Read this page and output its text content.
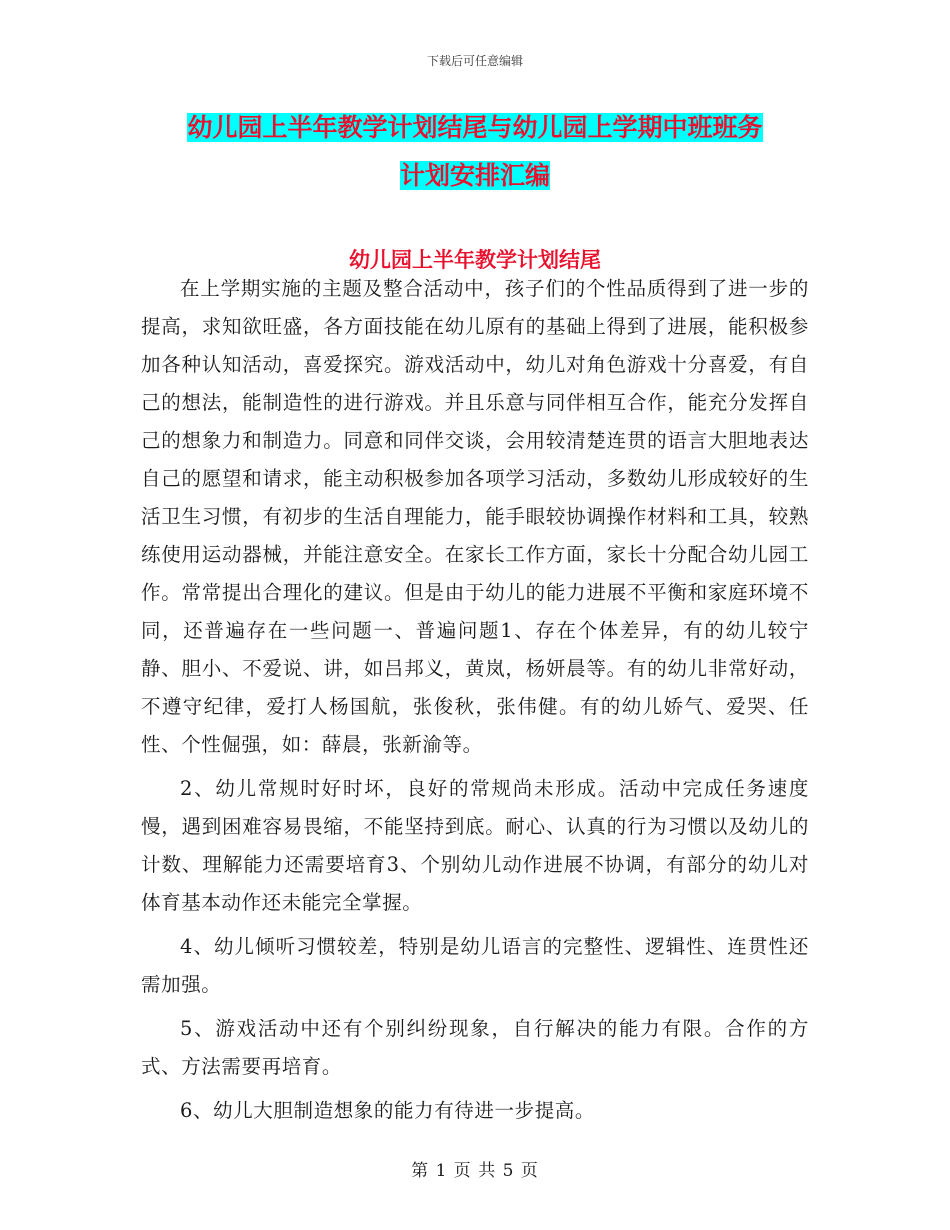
下载后可任意编辑
幼儿园上半年教学计划结尾与幼儿园上学期中班班务
计划安排汇编
幼儿园上半年教学计划结尾

在上学期实施的主题及整合活动中，孩子们的个性品质得到了进一步的提高，求知欲旺盛，各方面技能在幼儿原有的基础上得到了进展，能积极参加各种认知活动，喜爱探究。游戏活动中，幼儿对角色游戏十分喜爱，有自己的想法，能制造性的进行游戏。并且乐意与同伴相互合作，能充分发挥自己的想象力和制造力。同意和同伴交谈，会用较清楚连贯的语言大胆地表达自己的愿望和请求，能主动积极参加各项学习活动，多数幼儿形成较好的生活卫生习惯，有初步的生活自理能力，能手眼较协调操作材料和工具，较熟练使用运动器械，并能注意安全。在家长工作方面，家长十分配合幼儿园工作。常常提出合理化的建议。但是由于幼儿的能力进展不平衡和家庭环境不同，还普遍存在一些问题一、普遍问题1、存在个体差异，有的幼儿较宁静、胆小、不爱说、讲，如吕邦义，黄岚，杨妍晨等。有的幼儿非常好动，不遵守纪律，爱打人杨国航，张俊秋，张伟健。有的幼儿娇气、爱哭、任性、个性倔强，如：薛晨，张新渝等。

2、幼儿常规时好时坏，良好的常规尚未形成。活动中完成任务速度慢，遇到困难容易畏缩，不能坚持到底。耐心、认真的行为习惯以及幼儿的计数、理解能力还需要培育3、个别幼儿动作进展不协调，有部分的幼儿对体育基本动作还未能完全掌握。

4、幼儿倾听习惯较差，特别是幼儿语言的完整性、逻辑性、连贯性还需加强。

5、游戏活动中还有个别纠纷现象，自行解决的能力有限。合作的方式、方法需要再培育。

6、幼儿大胆制造想象的能力有待进一步提高。

第 1 页 共 5 页
